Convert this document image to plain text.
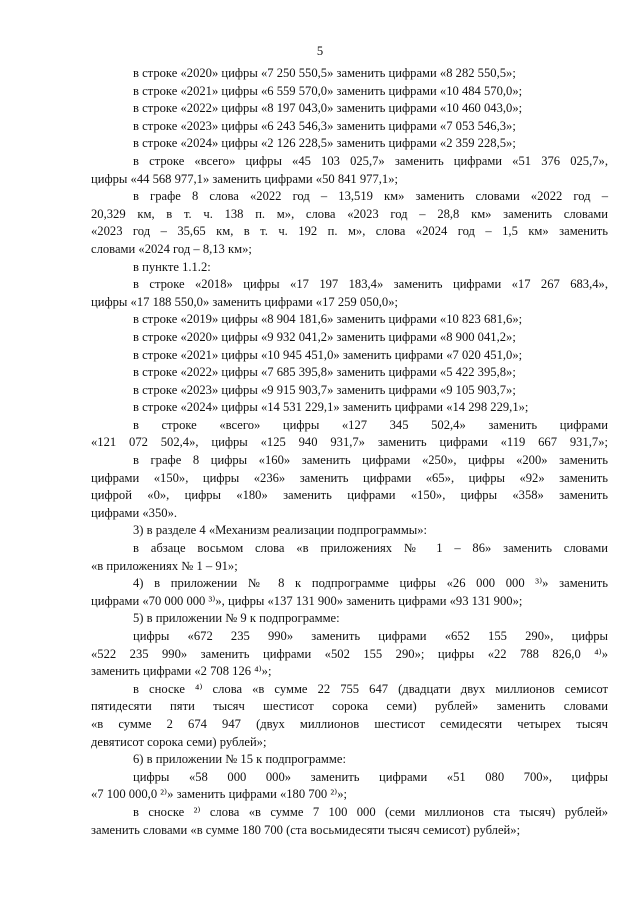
5
в строке «2020» цифры «7 250 550,5» заменить цифрами «8 282 550,5»;
в строке «2021» цифры «6 559 570,0» заменить цифрами «10 484 570,0»;
в строке «2022» цифры «8 197 043,0» заменить цифрами «10 460 043,0»;
в строке «2023» цифры «6 243 546,3» заменить цифрами «7 053 546,3»;
в строке «2024» цифры «2 126 228,5» заменить цифрами «2 359 228,5»;
в строке «всего» цифры «45 103 025,7» заменить цифрами «51 376 025,7»,
цифры «44 568 977,1» заменить цифрами «50 841 977,1»;
в графе 8 слова «2022 год – 13,519 км» заменить словами «2022 год –
20,329 км, в т. ч. 138 п. м», слова «2023 год – 28,8 км» заменить словами
«2023 год – 35,65 км, в т. ч. 192 п. м», слова «2024 год – 1,5 км» заменить
словами «2024 год – 8,13 км»;
в пункте 1.1.2:
в строке «2018» цифры «17 197 183,4» заменить цифрами «17 267 683,4»,
цифры «17 188 550,0» заменить цифрами «17 259 050,0»;
в строке «2019» цифры «8 904 181,6» заменить цифрами «10 823 681,6»;
в строке «2020» цифры «9 932 041,2» заменить цифрами «8 900 041,2»;
в строке «2021» цифры «10 945 451,0» заменить цифрами «7 020 451,0»;
в строке «2022» цифры «7 685 395,8» заменить цифрами «5 422 395,8»;
в строке «2023» цифры «9 915 903,7» заменить цифрами «9 105 903,7»;
в строке «2024» цифры «14 531 229,1» заменить цифрами «14 298 229,1»;
в строке «всего» цифры «127 345 502,4» заменить цифрами
«121 072 502,4», цифры «125 940 931,7» заменить цифрами «119 667 931,7»;
в графе 8 цифры «160» заменить цифрами «250», цифры «200» заменить
цифрами «150», цифры «236» заменить цифрами «65», цифры «92» заменить
цифрой «0», цифры «180» заменить цифрами «150», цифры «358» заменить
цифрами «350».
3) в разделе 4 «Механизм реализации подпрограммы»:
в абзаце восьмом слова «в приложениях № 1 – 86» заменить словами
«в приложениях № 1 – 91»;
4) в приложении № 8 к подпрограмме цифры «26 000 000 ³⁾» заменить
цифрами «70 000 000 ³⁾», цифры «137 131 900» заменить цифрами «93 131 900»;
5) в приложении № 9 к подпрограмме:
цифры «672 235 990» заменить цифрами «652 155 290», цифры
«522 235 990» заменить цифрами «502 155 290»; цифры «22 788 826,0 ⁴⁾»
заменить цифрами «2 708 126 ⁴⁾»;
в сноске ⁴⁾ слова «в сумме 22 755 647 (двадцати двух миллионов семисот
пятидесяти пяти тысяч шестисот сорока семи) рублей» заменить словами
«в сумме 2 674 947 (двух миллионов шестисот семидесяти четырех тысяч
девятисот сорока семи) рублей»;
6) в приложении № 15 к подпрограмме:
цифры «58 000 000» заменить цифрами «51 080 700», цифры
«7 100 000,0 ²⁾» заменить цифрами «180 700 ²⁾»;
в сноске ²⁾ слова «в сумме 7 100 000 (семи миллионов ста тысяч) рублей»
заменить словами «в сумме 180 700 (ста восьмидесяти тысяч семисот) рублей»;
